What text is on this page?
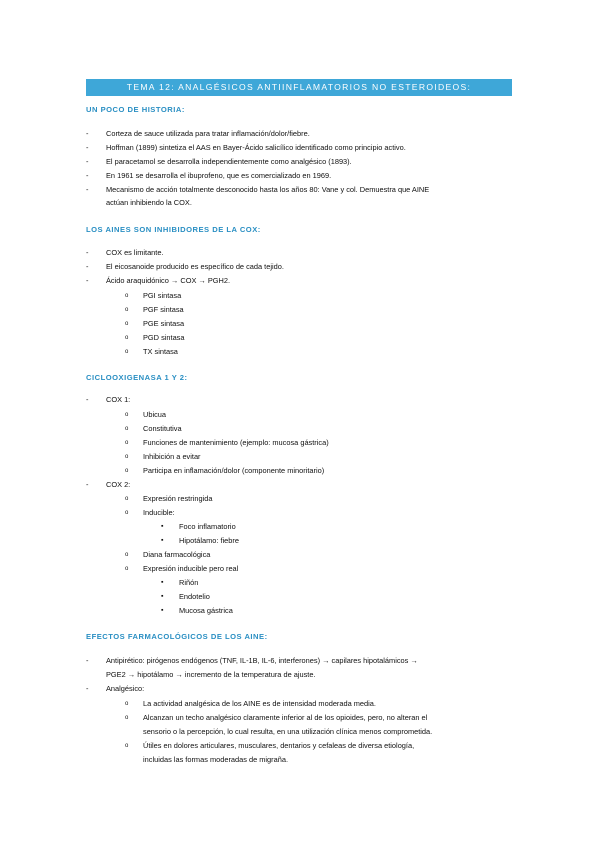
TEMA 12: ANALGÉSICOS ANTIINFLAMATORIOS NO ESTEROIDEOS:
UN POCO DE HISTORIA:
-	Corteza de sauce utilizada para tratar inflamación/dolor/fiebre.
-	Hoffman (1899) sintetiza el AAS en Bayer-Ácido salicílico identificado como principio activo.
-	El paracetamol se desarrolla independientemente como analgésico (1893).
-	En 1961 se desarrolla el ibuprofeno, que es comercializado en 1969.
-	Mecanismo de acción totalmente desconocido hasta los años 80: Vane y col. Demuestra que AINE
actúan inhibiendo la COX.
LOS AINES SON INHIBIDORES DE LA COX:
-	COX es limitante.
-	El eicosanoide producido es específico de cada tejido.
-	Ácido araquidónico → COX → PGH2.
o	PGI sintasa
o	PGF sintasa
o	PGE sintasa
o	PGD sintasa
o	TX sintasa
CICLOOXIGENASA 1 Y 2:
-	COX 1:
o	Ubicua
o	Constitutiva
o	Funciones de mantenimiento (ejemplo: mucosa gástrica)
o	Inhibición a evitar
o	Participa en inflamación/dolor (componente minoritario)
-	COX 2:
o	Expresión restringida
o	Inducible:
▪	Foco inflamatorio
▪	Hipotálamo: fiebre
o	Diana farmacológica
o	Expresión inducible pero real
▪	Riñón
▪	Endotelio
▪	Mucosa gástrica
EFECTOS FARMACOLÓGICOS DE LOS AINE:
-	Antipirético: pirógenos endógenos (TNF, IL-1B, IL-6, interferones) → capilares hipotalámicos →
PGE2 → hipotálamo → incremento de la temperatura de ajuste.
-	Analgésico:
o	La actividad analgésica de los AINE es de intensidad moderada media.
o	Alcanzan un techo analgésico claramente inferior al de los opioides, pero, no alteran el
sensorio o la percepción, lo cual resulta, en una utilización clínica menos comprometida.
o	Útiles en dolores articulares, musculares, dentarios y cefaleas de diversa etiología,
incluidas las formas moderadas de migraña.
